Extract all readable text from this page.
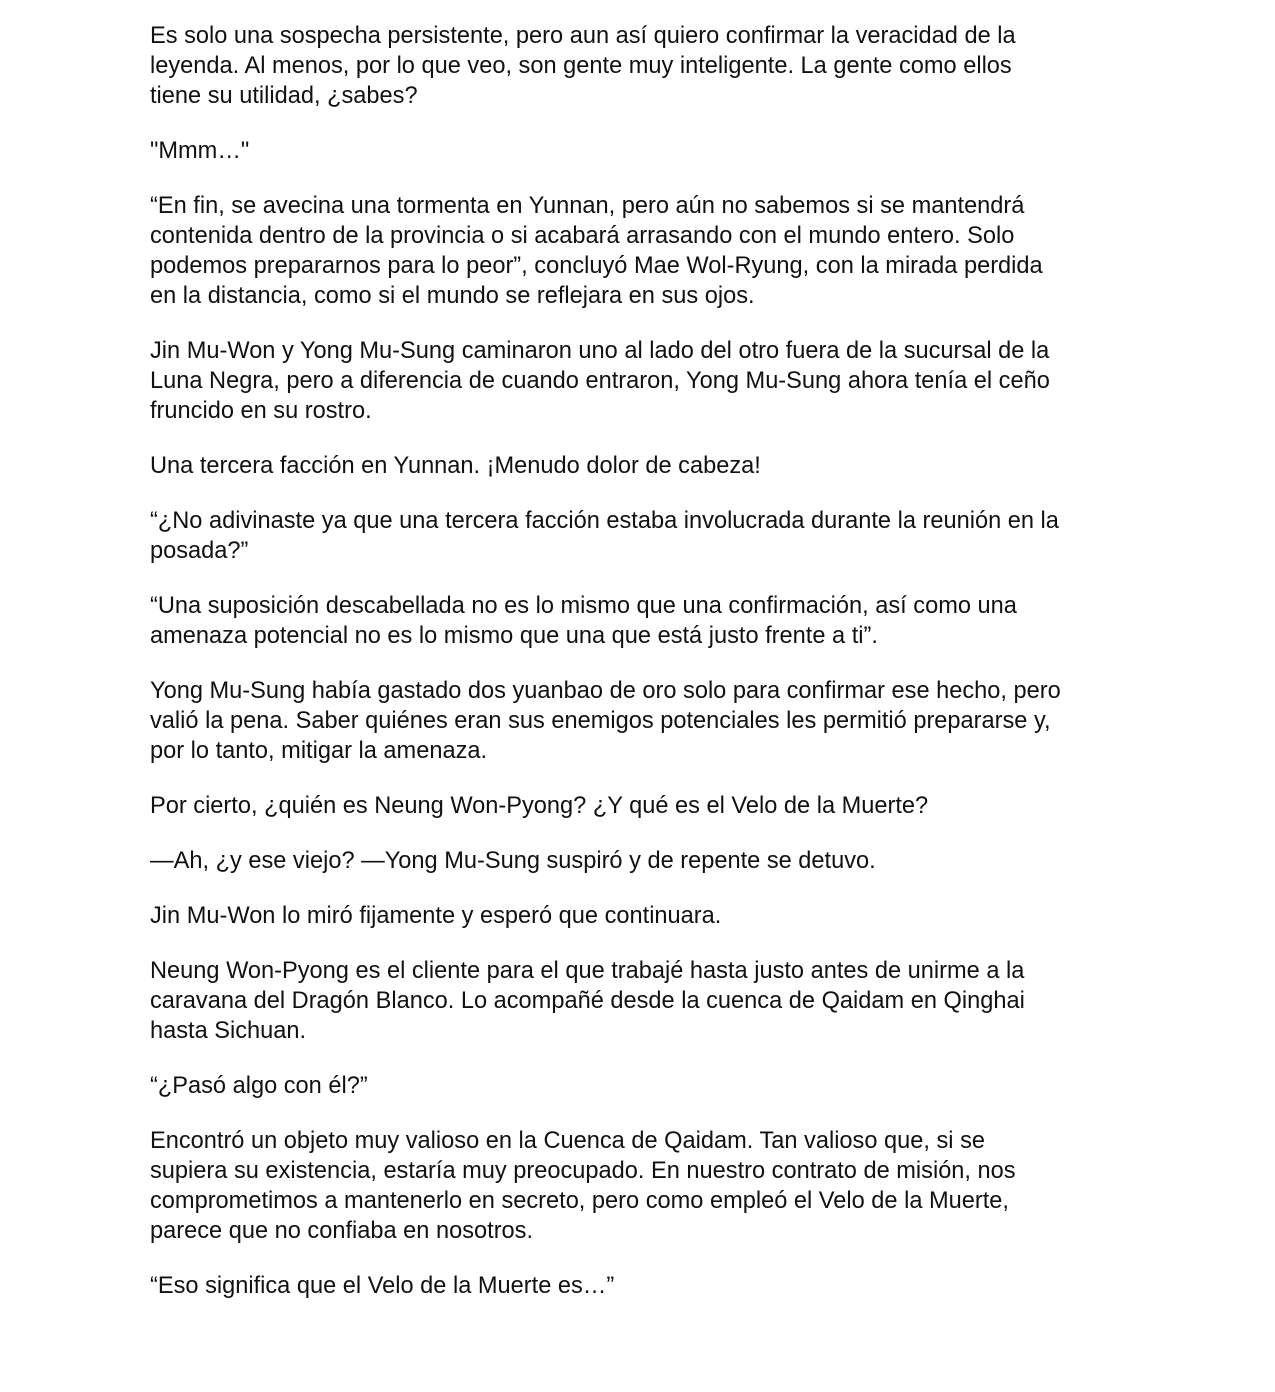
Es solo una sospecha persistente, pero aun así quiero confirmar la veracidad de la
leyenda. Al menos, por lo que veo, son gente muy inteligente. La gente como ellos
tiene su utilidad, ¿sabes?

"Mmm…"

“En fin, se avecina una tormenta en Yunnan, pero aún no sabemos si se mantendrá
contenida dentro de la provincia o si acabará arrasando con el mundo entero. Solo
podemos prepararnos para lo peor”, concluyó Mae Wol-Ryung, con la mirada perdida
en la distancia, como si el mundo se reflejara en sus ojos.

Jin Mu-Won y Yong Mu-Sung caminaron uno al lado del otro fuera de la sucursal de la
Luna Negra, pero a diferencia de cuando entraron, Yong Mu-Sung ahora tenía el ceño
fruncido en su rostro.

Una tercera facción en Yunnan. ¡Menudo dolor de cabeza!

“¿No adivinaste ya que una tercera facción estaba involucrada durante la reunión en la
posada?”

“Una suposición descabellada no es lo mismo que una confirmación, así como una
amenaza potencial no es lo mismo que una que está justo frente a ti”.

Yong Mu-Sung había gastado dos yuanbao de oro solo para confirmar ese hecho, pero
valió la pena. Saber quiénes eran sus enemigos potenciales les permitió prepararse y,
por lo tanto, mitigar la amenaza.

Por cierto, ¿quién es Neung Won-Pyong? ¿Y qué es el Velo de la Muerte?

—Ah, ¿y ese viejo? —Yong Mu-Sung suspiró y de repente se detuvo.

Jin Mu-Won lo miró fijamente y esperó que continuara.

Neung Won-Pyong es el cliente para el que trabajé hasta justo antes de unirme a la
caravana del Dragón Blanco. Lo acompañé desde la cuenca de Qaidam en Qinghai
hasta Sichuan.

“¿Pasó algo con él?”

Encontró un objeto muy valioso en la Cuenca de Qaidam. Tan valioso que, si se
supiera su existencia, estaría muy preocupado. En nuestro contrato de misión, nos
comprometimos a mantenerlo en secreto, pero como empleó el Velo de la Muerte,
parece que no confiaba en nosotros.

“Eso significa que el Velo de la Muerte es…”
